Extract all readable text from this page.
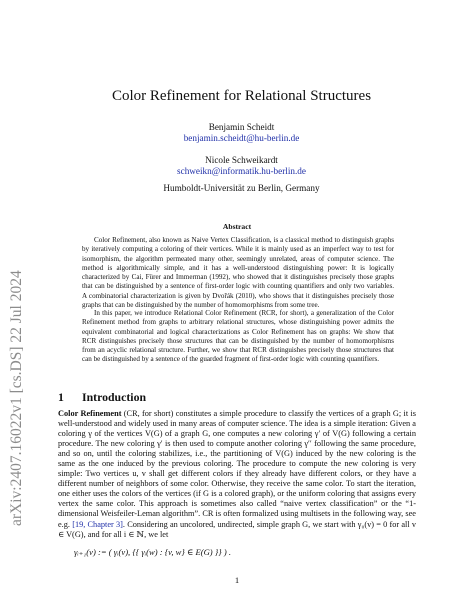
arXiv:2407.16022v1 [cs.DS] 22 Jul 2024
Color Refinement for Relational Structures
Benjamin Scheidt
benjamin.scheidt@hu-berlin.de
Nicole Schweikardt
schweikn@informatik.hu-berlin.de
Humboldt-Universität zu Berlin, Germany
Abstract

Color Refinement, also known as Naive Vertex Classification, is a classical method to distinguish graphs by iteratively computing a coloring of their vertices. While it is mainly used as an imperfect way to test for isomorphism, the algorithm permeated many other, seemingly unrelated, areas of computer science. The method is algorithmically simple, and it has a well-understood distinguishing power: It is logically characterized by Cai, Fürer and Immerman (1992), who showed that it distinguishes precisely those graphs that can be distinguished by a sentence of first-order logic with counting quantifiers and only two variables. A combinatorial characterization is given by Dvořák (2010), who shows that it distinguishes precisely those graphs that can be distinguished by the number of homomorphisms from some tree.

In this paper, we introduce Relational Color Refinement (RCR, for short), a generalization of the Color Refinement method from graphs to arbitrary relational structures, whose distinguishing power admits the equivalent combinatorial and logical characterizations as Color Refinement has on graphs: We show that RCR distinguishes precisely those structures that can be distinguished by the number of homomorphisms from an acyclic relational structure. Further, we show that RCR distinguishes precisely those structures that can be distinguished by a sentence of the guarded fragment of first-order logic with counting quantifiers.

1 Introduction

Color Refinement (CR, for short) constitutes a simple procedure to classify the vertices of a graph G; it is well-understood and widely used in many areas of computer science. The idea is a simple iteration: Given a coloring γ of the vertices V(G) of a graph G, one computes a new coloring γ′ of V(G) following a certain procedure. The new coloring γ′ is then used to compute another coloring γ′′ following the same procedure, and so on, until the coloring stabilizes, i.e., the partitioning of V(G) induced by the new coloring is the same as the one induced by the previous coloring. The procedure to compute the new coloring is very simple: Two vertices u, v shall get different colors if they already have different colors, or they have a different number of neighbors of some color. Otherwise, they receive the same color. To start the iteration, one either uses the colors of the vertices (if G is a colored graph), or the uniform coloring that assigns every vertex the same color. This approach is sometimes also called “naive vertex classification” or the “1-dimensional Weisfeiler-Leman algorithm”. CR is often formalized using multisets in the following way, see e.g. [19, Chapter 3]. Considering an uncolored, undirected, simple graph G, we start with γ₀(v) = 0 for all v ∈ V(G), and for all i ∈ ℕ, we let

γᵢ₊₁(v) := ( γᵢ(v), {{ γᵢ(w) : {v, w} ∈ E(G) }} ) .
1
